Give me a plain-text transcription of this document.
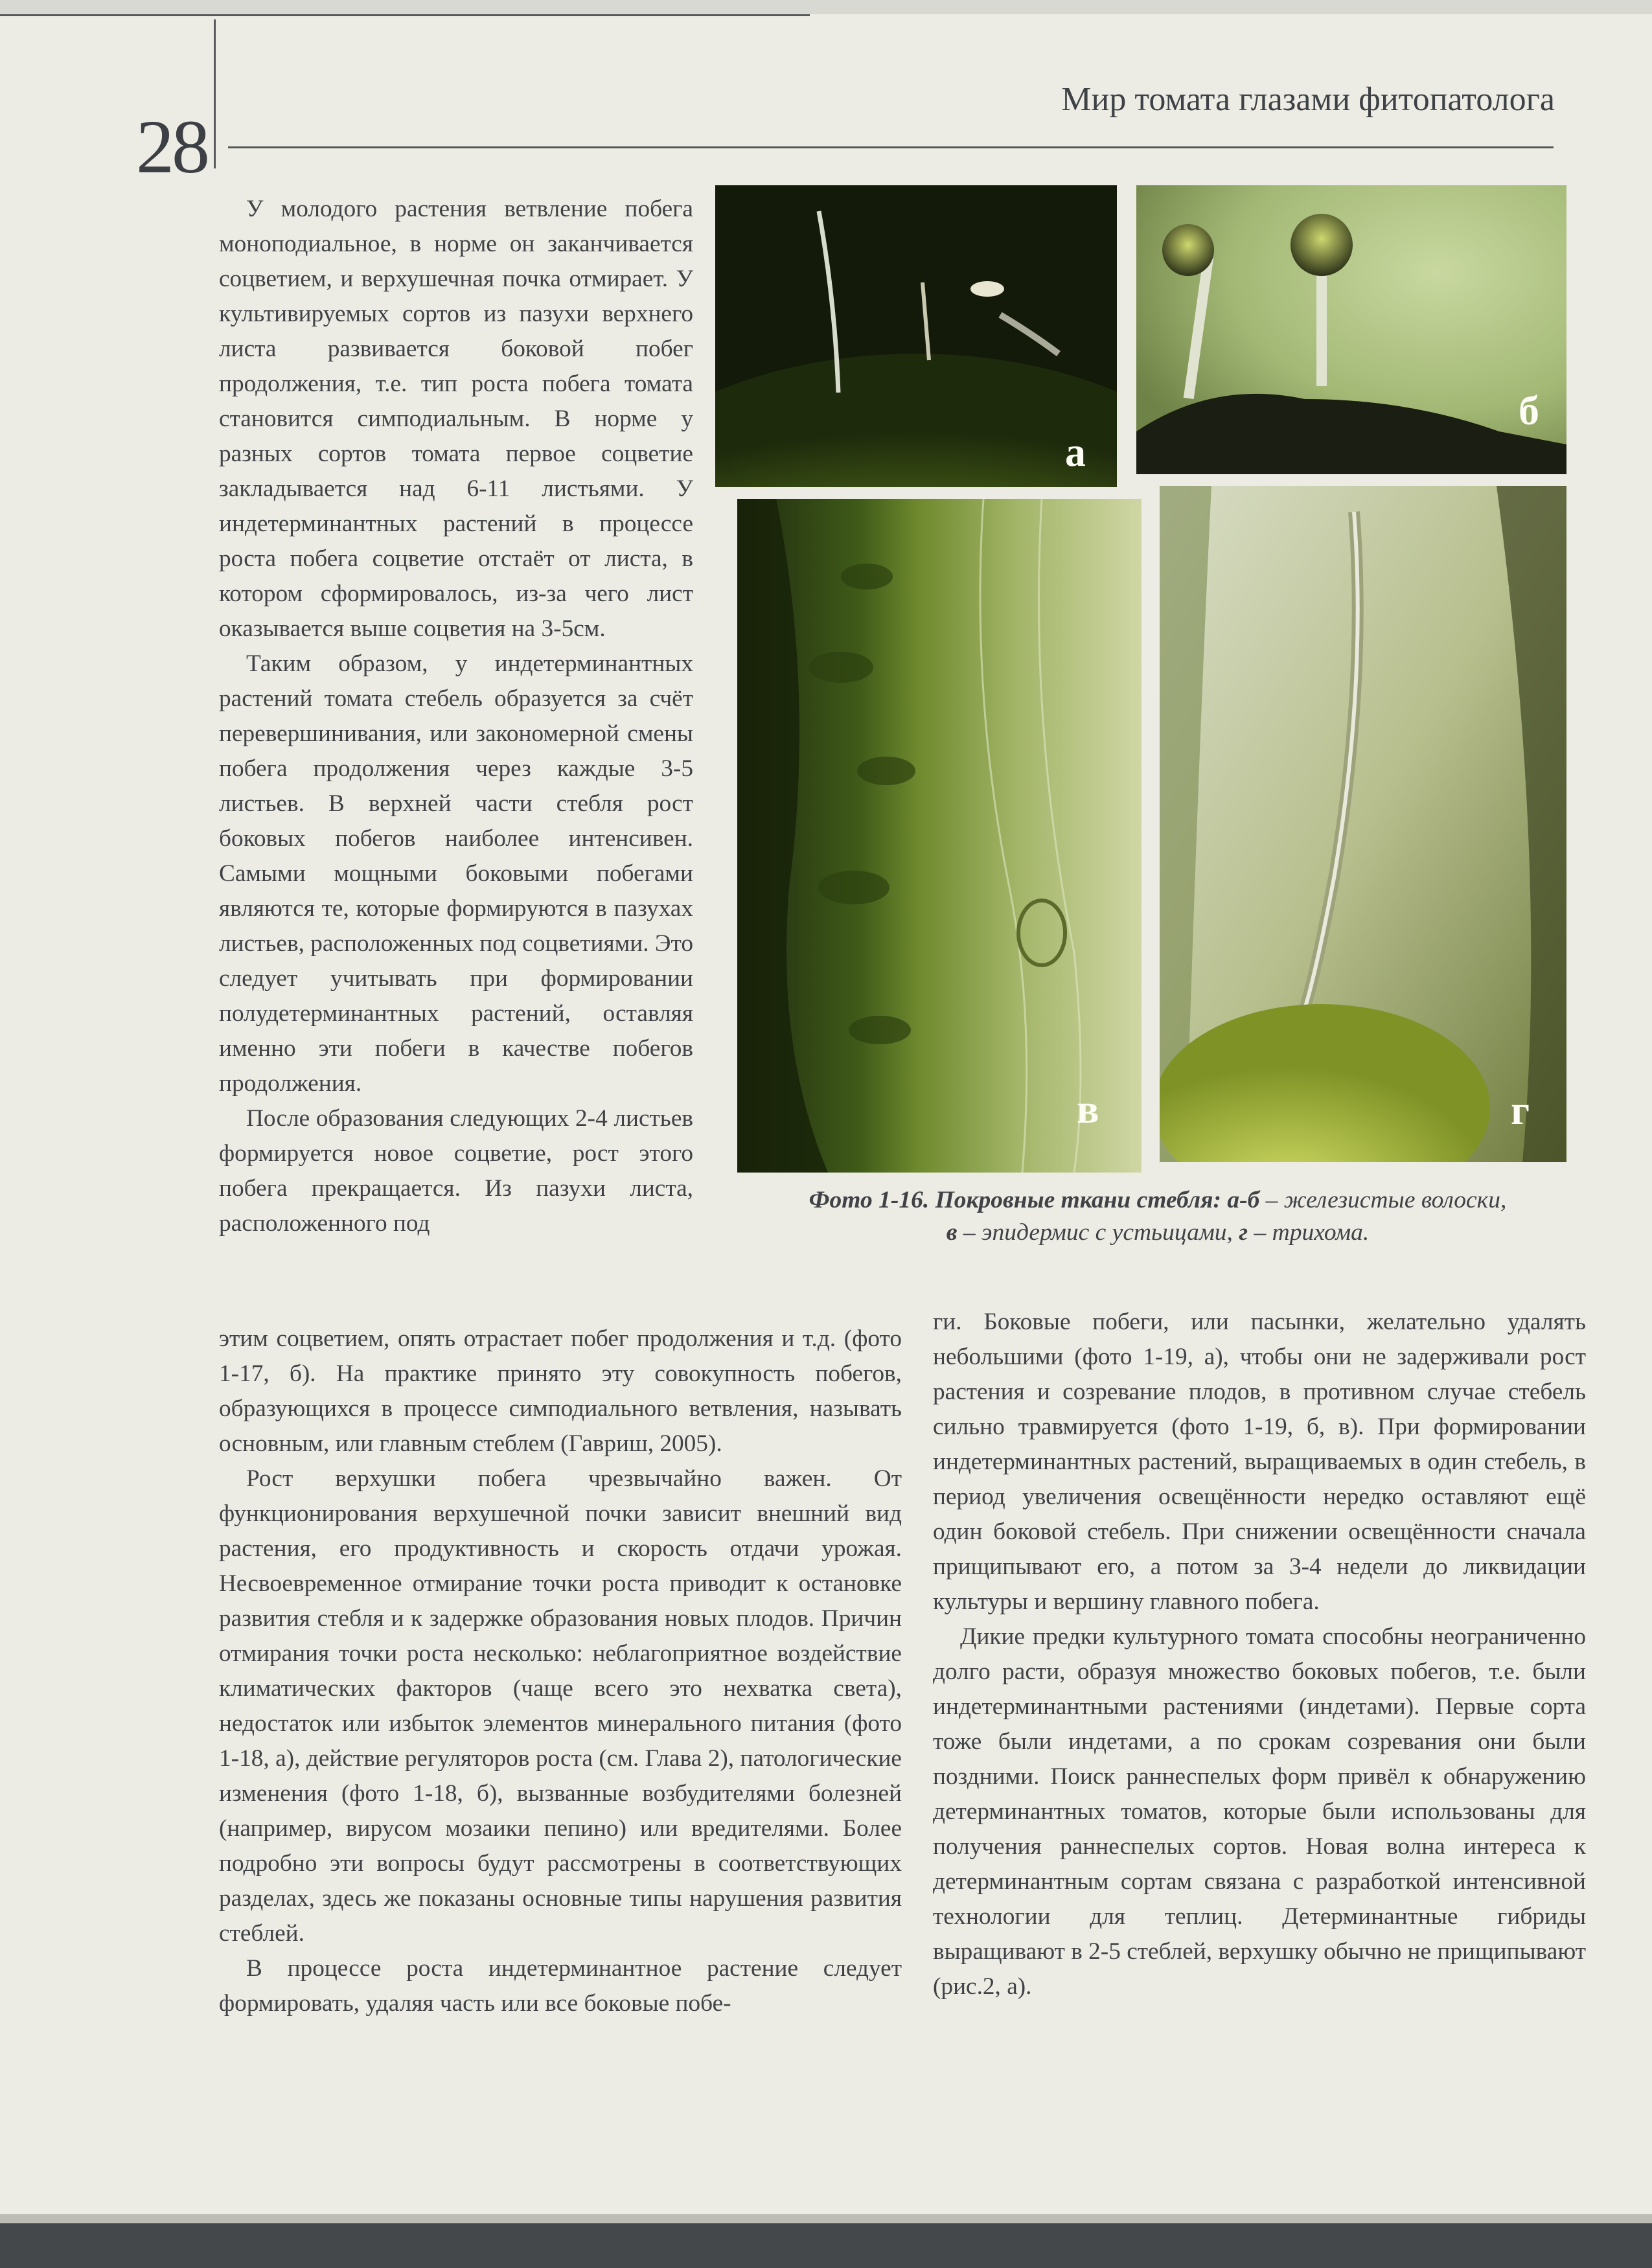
28
Мир томата глазами фитопатолога

У молодого растения ветвление побега моноподиальное, в норме он заканчивается соцветием, и верхушечная почка отмирает. У культивируемых сортов из пазухи верхнего листа развивается боковой побег продолжения, т.е. тип роста побега томата становится симподиальным. В норме у разных сортов томата первое соцветие закладывается над 6-11 листьями. У индетерминантных растений в процессе роста побега соцветие отстаёт от листа, в котором сформировалось, из-за чего лист оказывается выше соцветия на 3-5см.

Таким образом, у индетерминантных растений томата стебель образуется за счёт перевершинивания, или закономерной смены побега продолжения через каждые 3-5 листьев. В верхней части стебля рост боковых побегов наиболее интенсивен. Самыми мощными боковыми побегами являются те, которые формируются в пазухах листьев, расположенных под соцветиями. Это следует учитывать при формировании полудетерминантных растений, оставляя именно эти побеги в качестве побегов продолжения.

После образования следующих 2-4 листьев формируется новое соцветие, рост этого побега прекращается. Из пазухи листа, расположенного под

а
б
в	г
Фото 1-16. Покровные ткани стебля: а-б – железистые волоски,
в – эпидермис с устьицами, г – трихома.

этим соцветием, опять отрастает побег продолжения и т.д. (фото 1-17, б). На практике принято эту совокупность побегов, образующихся в процессе симподиального ветвления, называть основным, или главным стеблем (Гавриш, 2005).

Рост верхушки побега чрезвычайно важен. От функционирования верхушечной почки зависит внешний вид растения, его продуктивность и скорость отдачи урожая. Несвоевременное отмирание точки роста приводит к остановке развития стебля и к задержке образования новых плодов. Причин отмирания точки роста несколько: неблагоприятное воздействие климатических факторов (чаще всего это нехватка света), недостаток или избыток элементов минерального питания (фото 1-18, а), действие регуляторов роста (см. Глава 2), патологические изменения (фото 1-18, б), вызванные возбудителями болезней (например, вирусом мозаики пепино) или вредителями. Более подробно эти вопросы будут рассмотрены в соответствующих разделах, здесь же показаны основные типы нарушения развития стеблей.

В процессе роста индетерминантное растение следует формировать, удаляя часть или все боковые побе-

ги. Боковые побеги, или пасынки, желательно удалять небольшими (фото 1-19, а), чтобы они не задерживали рост растения и созревание плодов, в противном случае стебель сильно травмируется (фото 1-19, б, в). При формировании индетерминантных растений, выращиваемых в один стебель, в период увеличения освещённости нередко оставляют ещё один боковой стебель. При снижении освещённости сначала прищипывают его, а потом за 3-4 недели до ликвидации культуры и вершину главного побега.

Дикие предки культурного томата способны неограниченно долго расти, образуя множество боковых побегов, т.е. были индетерминантными растениями (индетами). Первые сорта тоже были индетами, а по срокам созревания они были поздними. Поиск раннеспелых форм привёл к обнаружению детерминантных томатов, которые были использованы для получения раннеспелых сортов. Новая волна интереса к детерминантным сортам связана с разработкой интенсивной технологии для теплиц. Детерминантные гибриды выращивают в 2-5 стеблей, верхушку обычно не прищипывают (рис.2, а).
